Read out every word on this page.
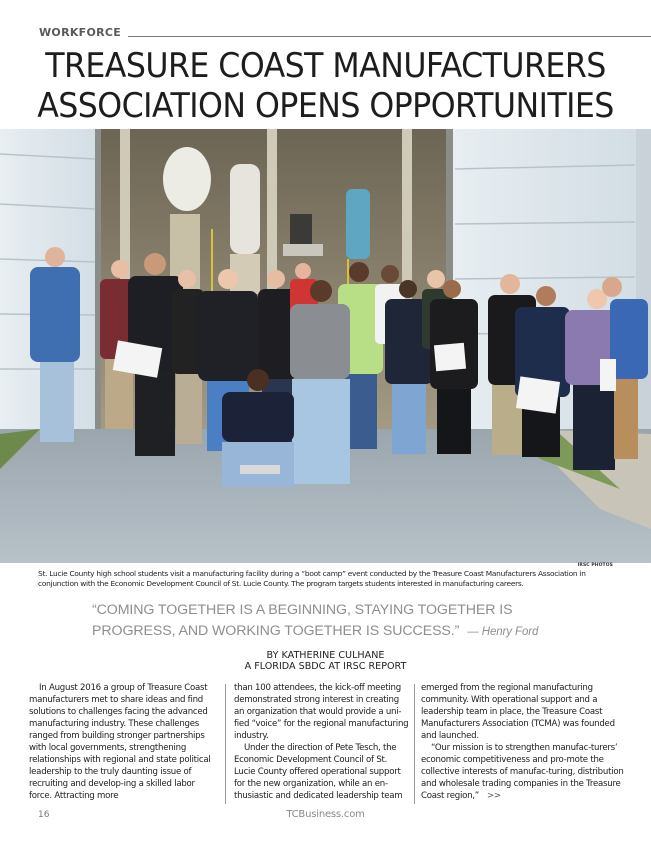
WORKFORCE
TREASURE COAST MANUFACTURERS
ASSOCIATION OPENS OPPORTUNITIES
IRSC PHOTOS

St. Lucie County high school students visit a manufacturing facility during a “boot camp” event conducted by the Treasure Coast Manufacturers Association in conjunction with the Economic Development Council of St. Lucie County. The program targets students interested in manufacturing careers.

“COMING TOGETHER IS A BEGINNING, STAYING TOGETHER IS PROGRESS, AND WORKING TOGETHER IS SUCCESS.” — Henry Ford
BY KATHERINE CULHANE
A FLORIDA SBDC AT IRSC REPORT

In August 2016 a group of Treasure Coast manufacturers met to share ideas and find solutions to challenges facing the advanced manufacturing industry. These challenges ranged from building stronger partnerships with local governments, strengthening relationships with regional and state political leadership to the truly daunting issue of recruiting and develop-ing a skilled labor force. Attracting more

than 100 attendees, the kick-off meeting demonstrated strong interest in creating an organization that would provide a uni-fied “voice” for the regional manufacturing industry.

Under the direction of Pete Tesch, the Economic Development Council of St. Lucie County offered operational support for the new organization, while an en-thusiastic and dedicated leadership team

emerged from the regional manufacturing community. With operational support and a leadership team in place, the Treasure Coast Manufacturers Association (TCMA) was founded and launched.

“Our mission is to strengthen manufac-turers’ economic competitiveness and pro-mote the collective interests of manufac-turing, distribution and wholesale trading companies in the Treasure Coast region,” >>

16	TCBusiness.com
